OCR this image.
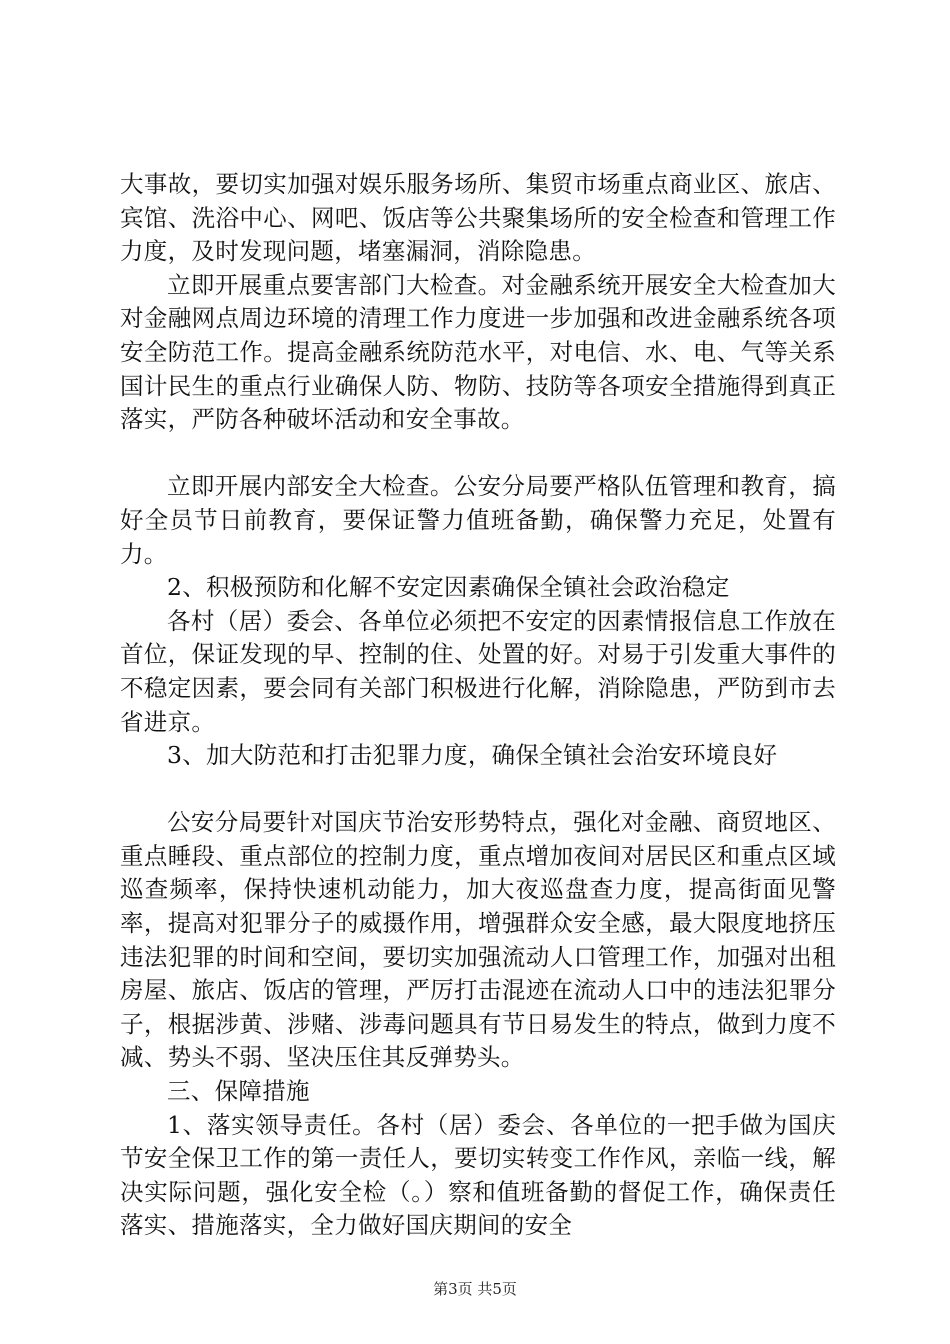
大事故，要切实加强对娱乐服务场所、集贸市场重点商业区、旅店、宾馆、洗浴中心、网吧、饭店等公共聚集场所的安全检查和管理工作力度，及时发现问题，堵塞漏洞，消除隐患。

立即开展重点要害部门大检查。对金融系统开展安全大检查加大对金融网点周边环境的清理工作力度进一步加强和改进金融系统各项安全防范工作。提高金融系统防范水平，对电信、水、电、气等关系国计民生的重点行业确保人防、物防、技防等各项安全措施得到真正落实，严防各种破坏活动和安全事故。

立即开展内部安全大检查。公安分局要严格队伍管理和教育，搞好全员节日前教育，要保证警力值班备勤，确保警力充足，处置有力。

2、积极预防和化解不安定因素确保全镇社会政治稳定

各村（居）委会、各单位必须把不安定的因素情报信息工作放在首位，保证发现的早、控制的住、处置的好。对易于引发重大事件的不稳定因素，要会同有关部门积极进行化解，消除隐患，严防到市去省进京。

3、加大防范和打击犯罪力度，确保全镇社会治安环境良好

公安分局要针对国庆节治安形势特点，强化对金融、商贸地区、重点睡段、重点部位的控制力度，重点增加夜间对居民区和重点区域巡查频率，保持快速机动能力，加大夜巡盘查力度，提高街面见警率，提高对犯罪分子的威摄作用，增强群众安全感，最大限度地挤压违法犯罪的时间和空间，要切实加强流动人口管理工作，加强对出租房屋、旅店、饭店的管理，严厉打击混迹在流动人口中的违法犯罪分子，根据涉黄、涉赌、涉毒问题具有节日易发生的特点，做到力度不减、势头不弱、坚决压住其反弹势头。

三、保障措施

1、落实领导责任。各村（居）委会、各单位的一把手做为国庆节安全保卫工作的第一责任人，要切实转变工作作风，亲临一线，解决实际问题，强化安全检（。）察和值班备勤的督促工作，确保责任落实、措施落实，全力做好国庆期间的安全

第3页 共5页
